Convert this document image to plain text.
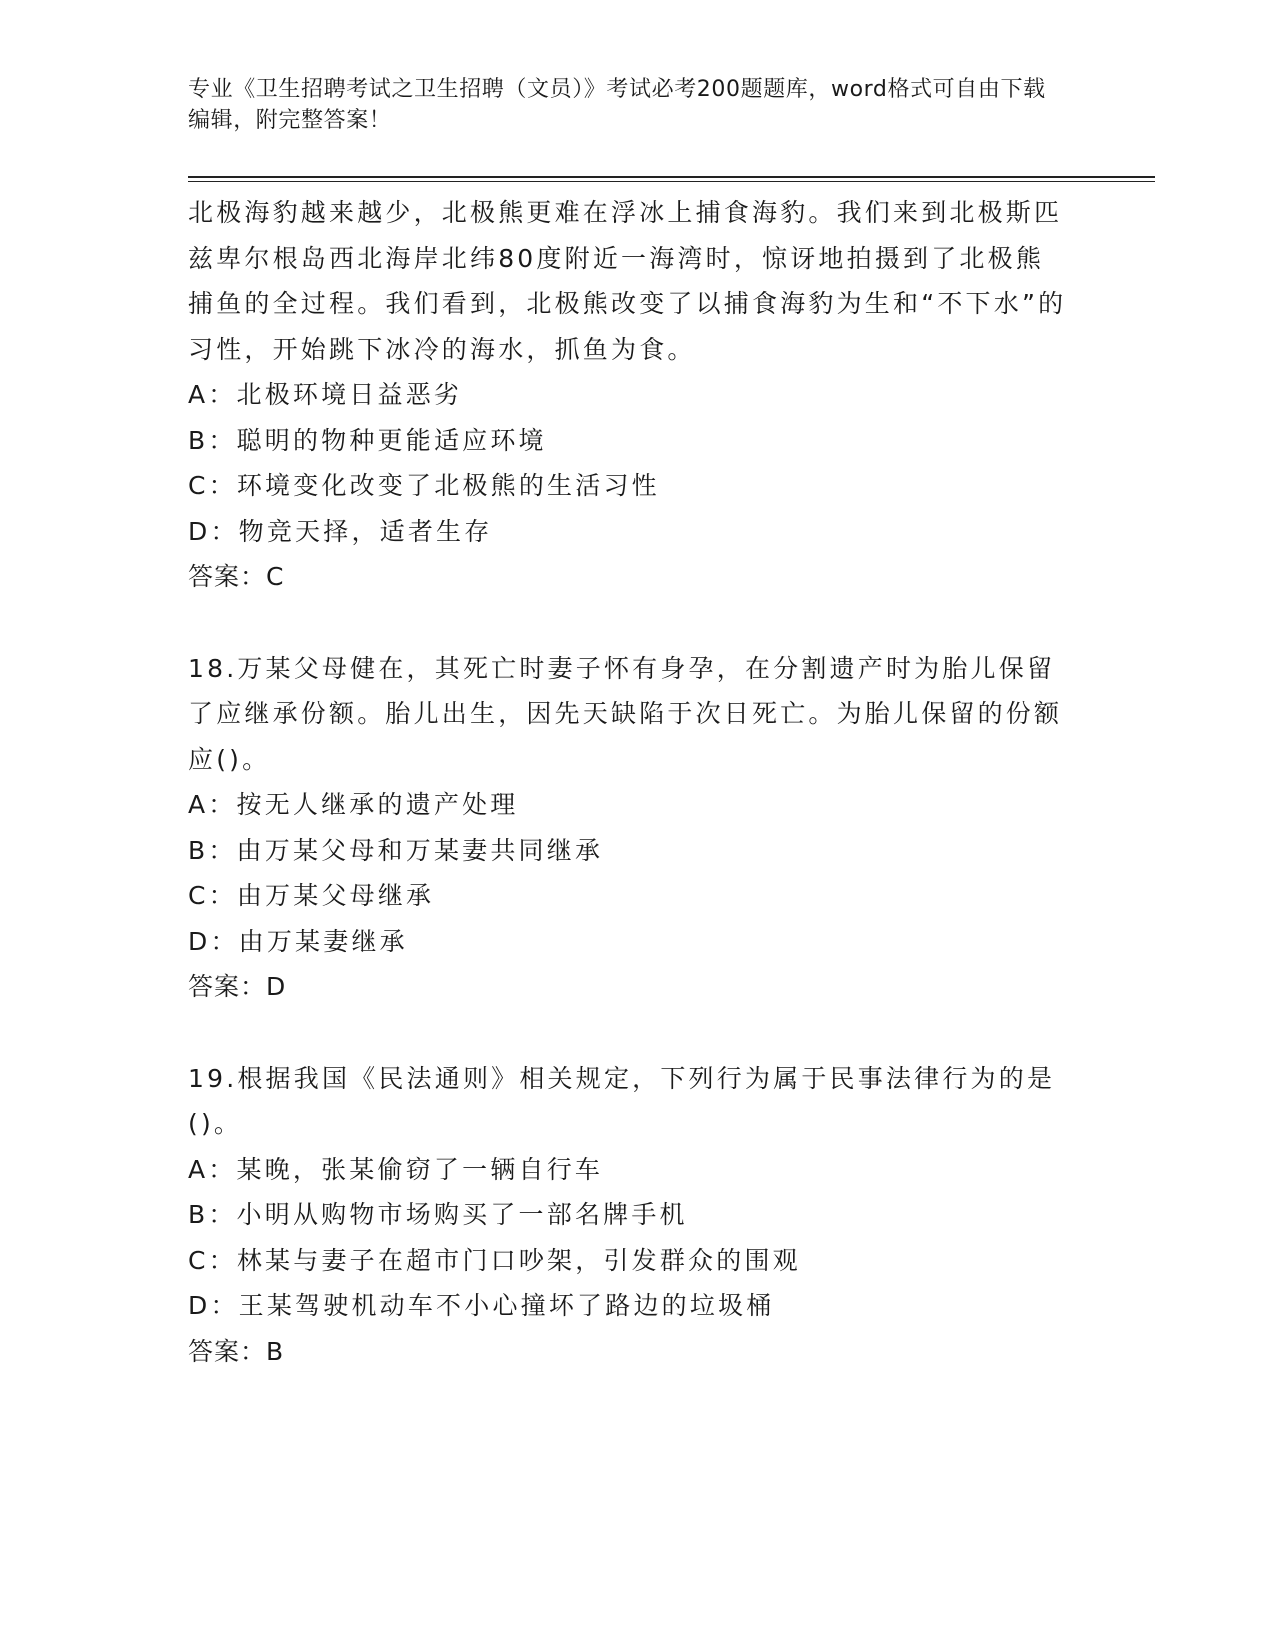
专业《卫生招聘考试之卫生招聘（文员）》考试必考200题题库，word格式可自由下载编辑，附完整答案！
北极海豹越来越少，北极熊更难在浮冰上捕食海豹。我们来到北极斯匹兹卑尔根岛西北海岸北纬80度附近一海湾时，惊讶地拍摄到了北极熊捕鱼的全过程。我们看到，北极熊改变了以捕食海豹为生和“不下水”的习性，开始跳下冰冷的海水，抓鱼为食。
A：北极环境日益恶劣
B：聪明的物种更能适应环境
C：环境变化改变了北极熊的生活习性
D：物竞天择，适者生存
答案：C
18.万某父母健在，其死亡时妻子怀有身孕，在分割遗产时为胎儿保留了应继承份额。胎儿出生，因先天缺陷于次日死亡。为胎儿保留的份额应()。
A：按无人继承的遗产处理
B：由万某父母和万某妻共同继承
C：由万某父母继承
D：由万某妻继承
答案：D
19.根据我国《民法通则》相关规定，下列行为属于民事法律行为的是()。
A：某晚，张某偷窃了一辆自行车
B：小明从购物市场购买了一部名牌手机
C：林某与妻子在超市门口吵架，引发群众的围观
D：王某驾驶机动车不小心撞坏了路边的垃圾桶
答案：B
